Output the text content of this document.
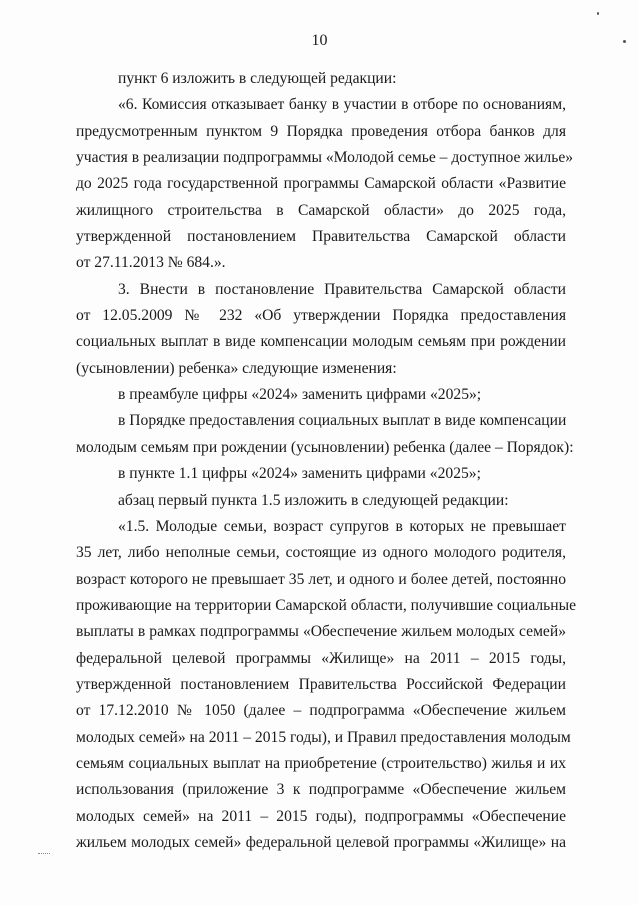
10
пункт 6 изложить в следующей редакции:
«6. Комиссия отказывает банку в участии в отборе по основаниям,
предусмотренным пунктом 9 Порядка проведения отбора банков для
участия в реализации подпрограммы «Молодой семье – доступное жилье»
до 2025 года государственной программы Самарской области «Развитие
жилищного строительства в Самарской области» до 2025 года,
утвержденной постановлением Правительства Самарской области
от 27.11.2013 № 684.».
3. Внести в постановление Правительства Самарской области
от 12.05.2009 № 232 «Об утверждении Порядка предоставления
социальных выплат в виде компенсации молодым семьям при рождении
(усыновлении) ребенка» следующие изменения:
в преамбуле цифры «2024» заменить цифрами «2025»;
в Порядке предоставления социальных выплат в виде компенсации
молодым семьям при рождении (усыновлении) ребенка (далее – Порядок):
в пункте 1.1 цифры «2024» заменить цифрами «2025»;
абзац первый пункта 1.5 изложить в следующей редакции:
«1.5. Молодые семьи, возраст супругов в которых не превышает
35 лет, либо неполные семьи, состоящие из одного молодого родителя,
возраст которого не превышает 35 лет, и одного и более детей, постоянно
проживающие на территории Самарской области, получившие социальные
выплаты в рамках подпрограммы «Обеспечение жильем молодых семей»
федеральной целевой программы «Жилище» на 2011 – 2015 годы,
утвержденной постановлением Правительства Российской Федерации
от 17.12.2010 № 1050 (далее – подпрограмма «Обеспечение жильем
молодых семей» на 2011 – 2015 годы), и Правил предоставления молодым
семьям социальных выплат на приобретение (строительство) жилья и их
использования (приложение 3 к подпрограмме «Обеспечение жильем
молодых семей» на 2011 – 2015 годы), подпрограммы «Обеспечение
жильем молодых семей» федеральной целевой программы «Жилище» на
